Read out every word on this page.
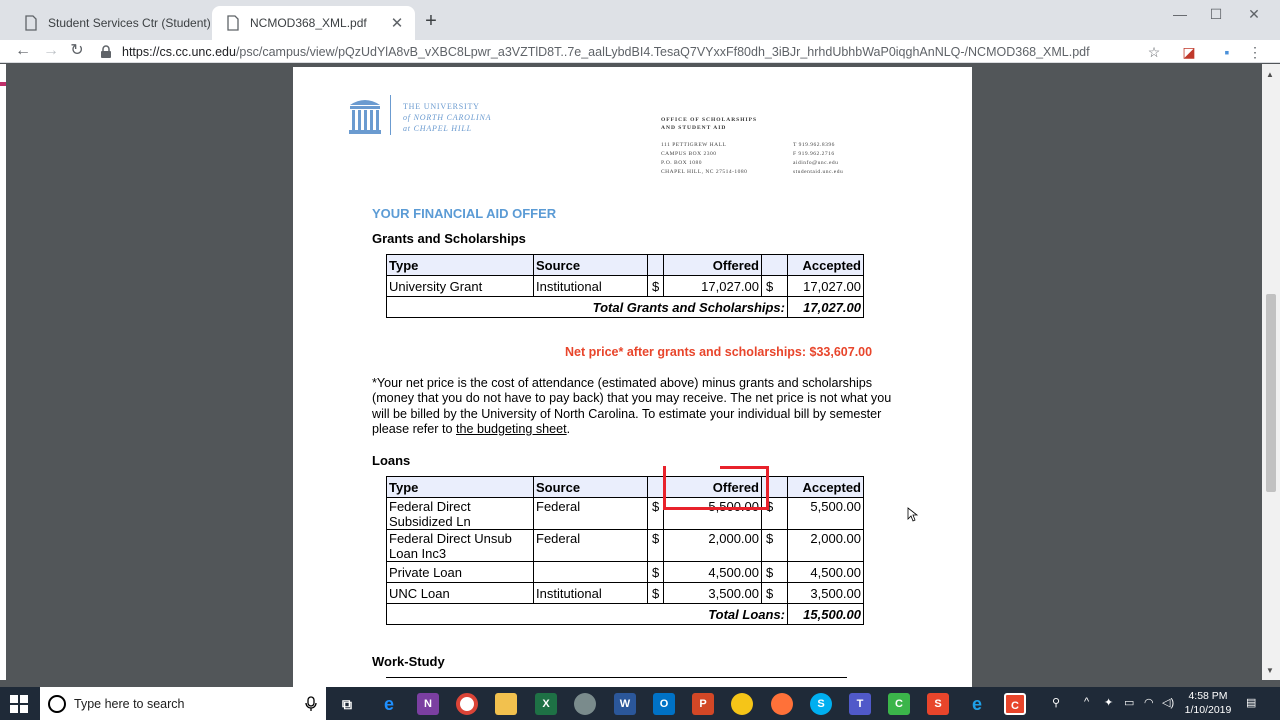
Student Services Ctr (Student)	NCMOD368_XML.pdf	✕ +	—	☐	✕
← → ↻	https://cs.cc.unc.edu/psc/campus/view/pQzUdYlA8vB_vXBC8Lpwr_a3VZTlD8T..7e_aalLybdBI4.TesaQ7VYxxFf80dh_3iBJr_hrhdUbhbWaP0iqghAnNLQ-/NCMOD368_XML.pdf	☆ ◪	▪	⋮
THE UNIVERSITY
of NORTH CAROLINA
at CHAPEL HILL
OFFICE OF SCHOLARSHIPS
AND STUDENT AID
111 PETTIGREW HALL
CAMPUS BOX 2300
P.O. BOX 1080
CHAPEL HILL, NC 27514-1080
T 919.962.8396
F 919.962.2716
aidinfo@unc.edu
studentaid.unc.edu
YOUR FINANCIAL AID OFFER
Grants and Scholarships
Type	Source		Offered		Accepted
University Grant	Institutional	$	17,027.00	$	17,027.00
Total Grants and Scholarships:					17,027.00
Net price* after grants and scholarships: $33,607.00
*Your net price is the cost of attendance (estimated above) minus grants and scholarships (money that you do not have to pay back) that you may receive. The net price is not what you will be billed by the University of North Carolina. To estimate your individual bill by semester please refer to the budgeting sheet.
Loans
Type	Source		Offered		Accepted

Federal Direct
Subsidized Ln	Federal	$	5,500.00	$	5,500.00

Federal Direct Unsub
Loan Inc3	Federal	$	2,000.00	$	2,000.00
Private Loan		$	4,500.00	$	4,500.00
UNC Loan	Institutional	$	3,500.00	$	3,500.00
Total Loans:					15,500.00
Work-Study
▲
▼
Type here to search	⧉	e	N	X	W	O	P	S	T	C	S	e	C	⚲ ^ ✦ ▭ ◠ ◁)
4:58 PM
1/10/2019
▤
